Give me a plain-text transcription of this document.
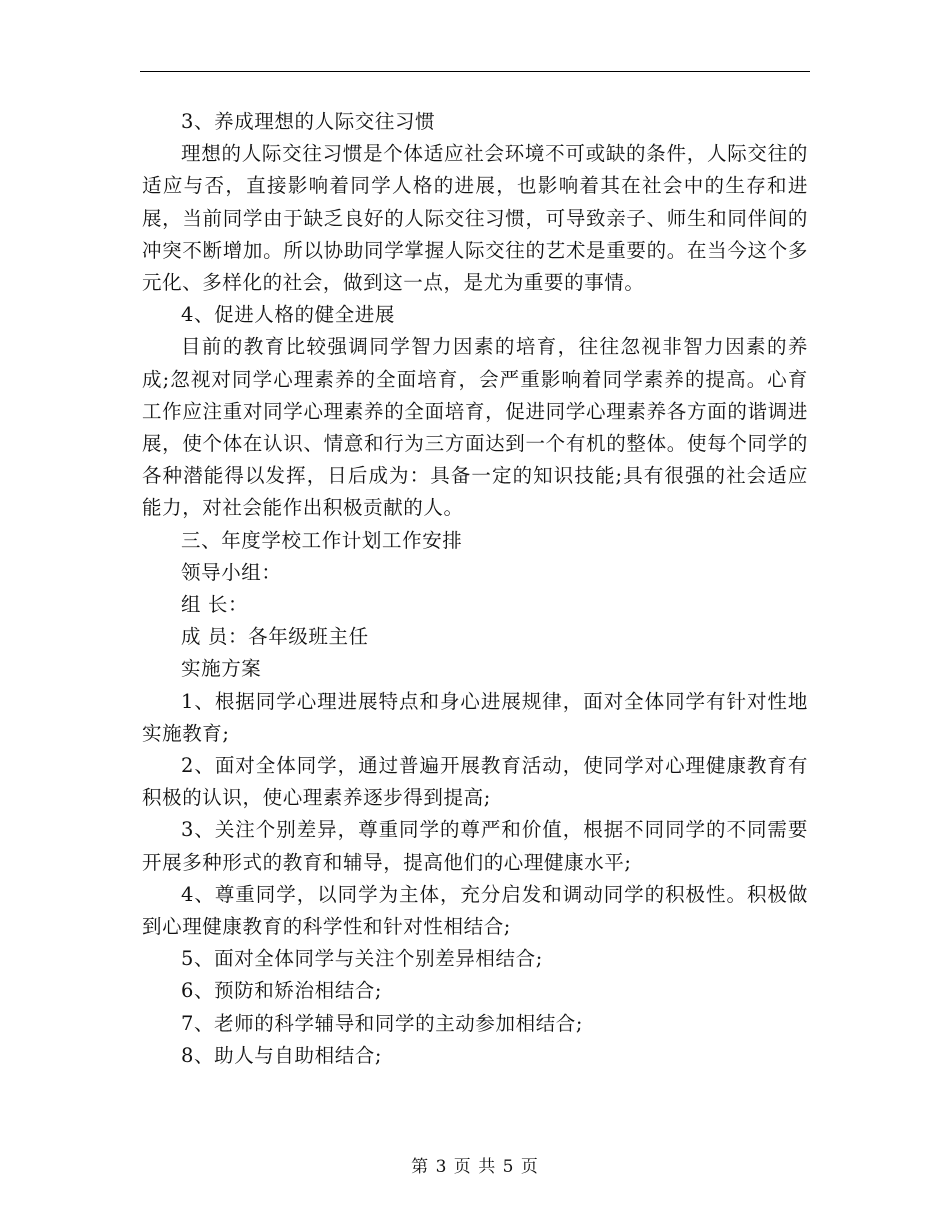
3、养成理想的人际交往习惯

理想的人际交往习惯是个体适应社会环境不可或缺的条件，人际交往的适应与否，直接影响着同学人格的进展，也影响着其在社会中的生存和进展，当前同学由于缺乏良好的人际交往习惯，可导致亲子、师生和同伴间的冲突不断增加。所以协助同学掌握人际交往的艺术是重要的。在当今这个多元化、多样化的社会，做到这一点，是尤为重要的事情。

4、促进人格的健全进展

目前的教育比较强调同学智力因素的培育，往往忽视非智力因素的养成;忽视对同学心理素养的全面培育，会严重影响着同学素养的提高。心育工作应注重对同学心理素养的全面培育，促进同学心理素养各方面的谐调进展，使个体在认识、情意和行为三方面达到一个有机的整体。使每个同学的各种潜能得以发挥，日后成为：具备一定的知识技能;具有很强的社会适应能力，对社会能作出积极贡献的人。

三、年度学校工作计划工作安排

领导小组：

组 长：

成 员：各年级班主任

实施方案

1、根据同学心理进展特点和身心进展规律，面对全体同学有针对性地实施教育;

2、面对全体同学，通过普遍开展教育活动，使同学对心理健康教育有积极的认识，使心理素养逐步得到提高;

3、关注个别差异，尊重同学的尊严和价值，根据不同同学的不同需要开展多种形式的教育和辅导，提高他们的心理健康水平;

4、尊重同学，以同学为主体，充分启发和调动同学的积极性。积极做到心理健康教育的科学性和针对性相结合;

5、面对全体同学与关注个别差异相结合;

6、预防和矫治相结合;

7、老师的科学辅导和同学的主动参加相结合;

8、助人与自助相结合;

第 3 页 共 5 页
